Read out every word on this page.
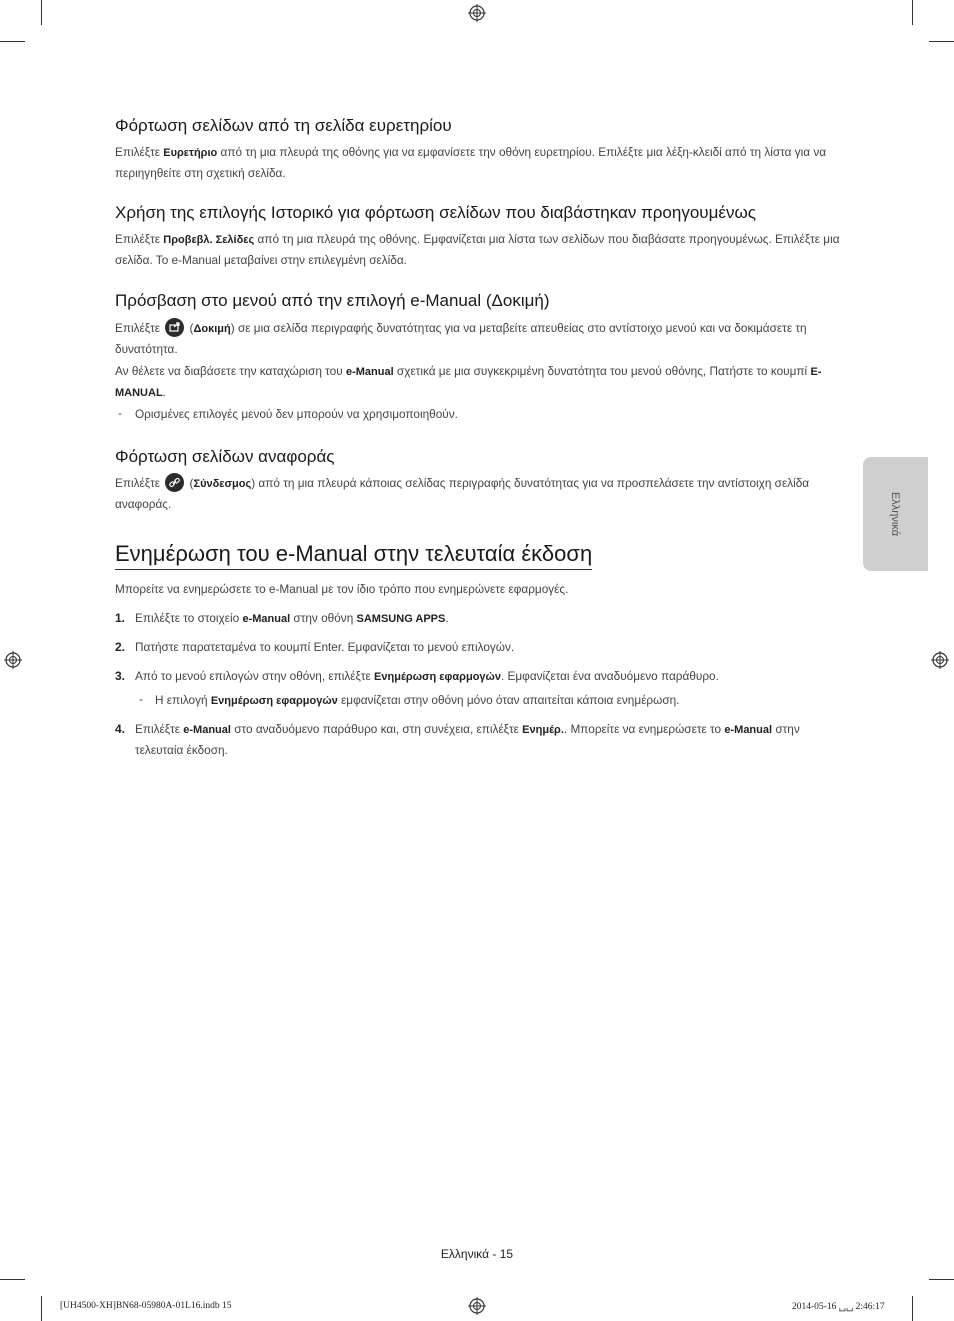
Φόρτωση σελίδων από τη σελίδα ευρετηρίου
Επιλέξτε Ευρετήριο από τη μια πλευρά της οθόνης για να εμφανίσετε την οθόνη ευρετηρίου. Επιλέξτε μια λέξη-κλειδί από τη λίστα για να περιηγηθείτε στη σχετική σελίδα.
Χρήση της επιλογής Ιστορικό για φόρτωση σελίδων που διαβάστηκαν προηγουμένως
Επιλέξτε Προβεβλ. Σελίδες από τη μια πλευρά της οθόνης. Εμφανίζεται μια λίστα των σελίδων που διαβάσατε προηγουμένως. Επιλέξτε μια σελίδα. Το e-Manual μεταβαίνει στην επιλεγμένη σελίδα.
Πρόσβαση στο μενού από την επιλογή e-Manual (Δοκιμή)
Επιλέξτε
(Δοκιμή) σε μια σελίδα περιγραφής δυνατότητας για να μεταβείτε απευθείας στο αντίστοιχο μενού και να δοκιμάσετε τη δυνατότητα.
Αν θέλετε να διαβάσετε την καταχώριση του e-Manual σχετικά με μια συγκεκριμένη δυνατότητα του μενού οθόνης, Πατήστε το κουμπί E-MANUAL.
- Ορισμένες επιλογές μενού δεν μπορούν να χρησιμοποιηθούν.
Φόρτωση σελίδων αναφοράς
Επιλέξτε
(Σύνδεσμος) από τη μια πλευρά κάποιας σελίδας περιγραφής δυνατότητας για να προσπελάσετε την αντίστοιχη σελίδα αναφοράς.
Ενημέρωση του e-Manual στην τελευταία έκδοση
Μπορείτε να ενημερώσετε το e-Manual με τον ίδιο τρόπο που ενημερώνετε εφαρμογές.
1. Επιλέξτε το στοιχείο e-Manual στην οθόνη SAMSUNG APPS.
2. Πατήστε παρατεταμένα το κουμπί Enter. Εμφανίζεται το μενού επιλογών.
3. Από το μενού επιλογών στην οθόνη, επιλέξτε Ενημέρωση εφαρμογών. Εμφανίζεται ένα αναδυόμενο παράθυρο.
- Η επιλογή Ενημέρωση εφαρμογών εμφανίζεται στην οθόνη μόνο όταν απαιτείται κάποια ενημέρωση.
4. Επιλέξτε e-Manual στο αναδυόμενο παράθυρο και, στη συνέχεια, επιλέξτε Ενημέρ.. Μπορείτε να ενημερώσετε το e-Manual στην τελευταία έκδοση.
Ελληνικά
Ελληνικά - 15
[UH4500-XH]BN68-05980A-01L16.indb 15	2014-05-16 ␣␣ 2:46:17
